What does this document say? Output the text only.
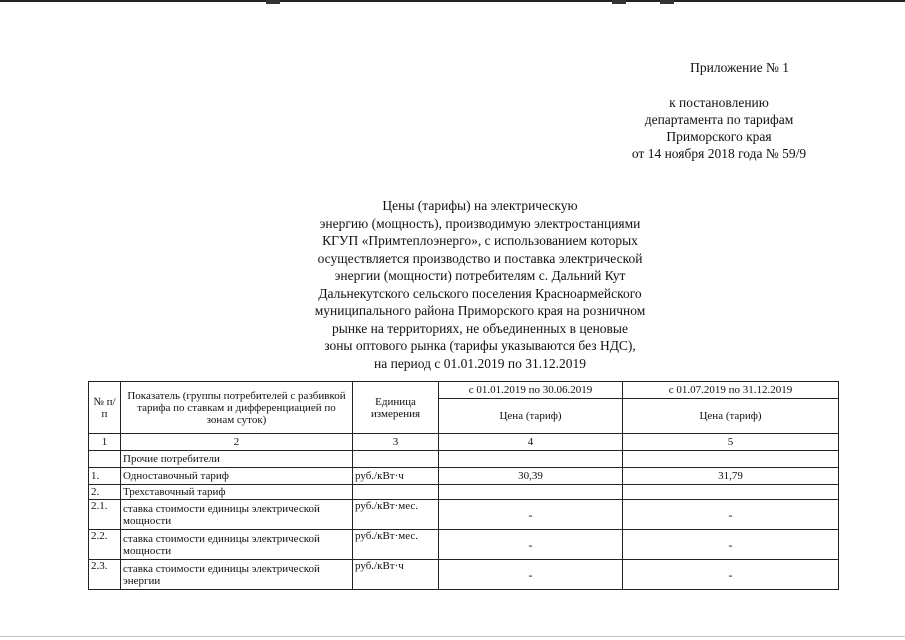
Приложение № 1
к постановлению
департамента по тарифам
Приморского края
от 14 ноября 2018 года № 59/9
Цены (тарифы) на электрическую
энергию (мощность), производимую электростанциями
КГУП «Примтеплоэнерго», с использованием которых
осуществляется производство и поставка электрической
энергии (мощности) потребителям с. Дальний Кут
Дальнекутского сельского поселения Красноармейского
муниципального района Приморского края на розничном
рынке на территориях, не объединенных в ценовые
зоны оптового рынка (тарифы указываются без НДС),
на период с 01.01.2019 по 31.12.2019
№ п/п	Показатель (группы потребителей с разбивкой тарифа по ставкам и дифференциацией по зонам суток)	Единица измерения	с 01.01.2019 по 30.06.2019	с 01.07.2019 по 31.12.2019
			Цена (тариф)	Цена (тариф)
1	2	3	4	5
	Прочие потребители			
1.	Одноставочный тариф	руб./кВт·ч	30,39	31,79
2.	Трехставочный тариф			
2.1.	ставка стоимости единицы электрической мощности	руб./кВт·мес.	-	-
2.2.	ставка стоимости единицы электрической мощности	руб./кВт·мес.	-	-
2.3.	ставка стоимости единицы электрической энергии	руб./кВт·ч	-	-
